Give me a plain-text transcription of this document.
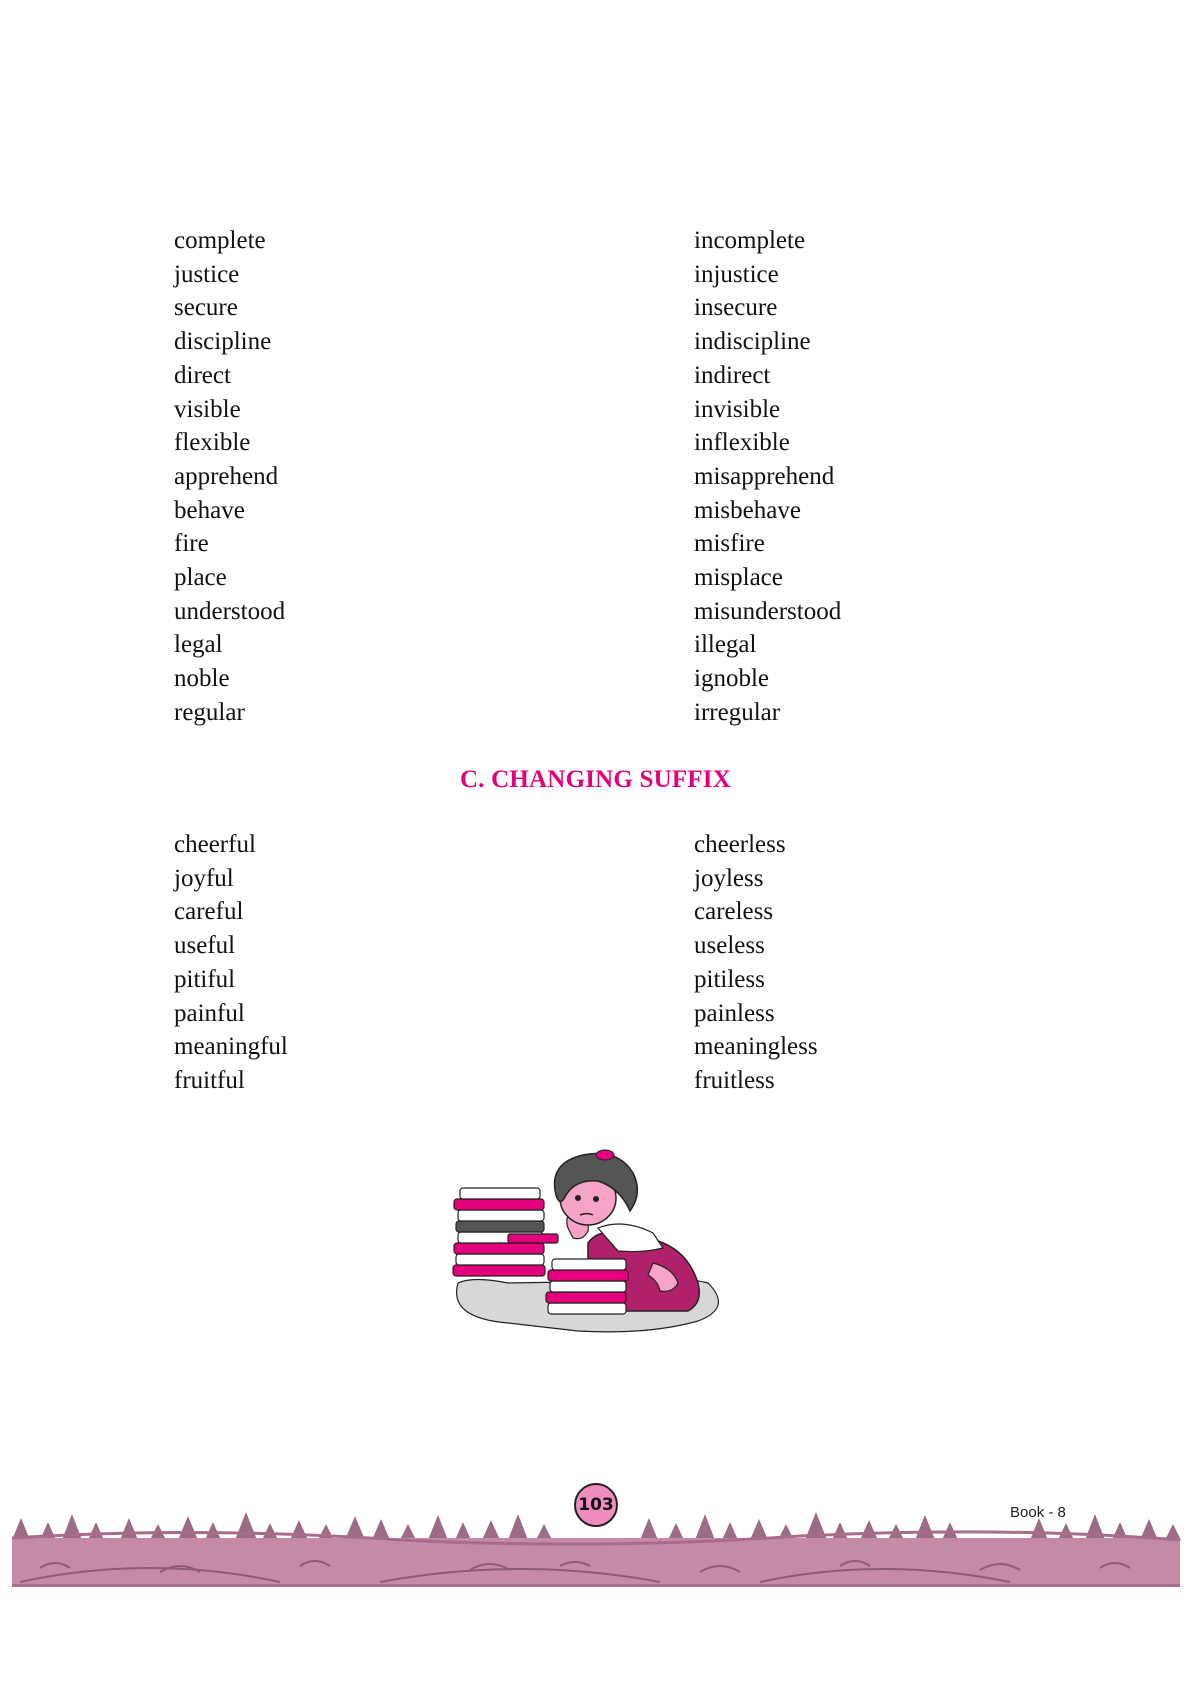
complete
justice
secure
discipline
direct
visible
flexible
apprehend
behave
fire
place
understood
legal
noble
regular
incomplete
injustice
insecure
indiscipline
indirect
invisible
inflexible
misapprehend
misbehave
misfire
misplace
misunderstood
illegal
ignoble
irregular
C. CHANGING SUFFIX
cheerful
joyful
careful
useful
pitiful
painful
meaningful
fruitful
cheerless
joyless
careless
useless
pitiless
painless
meaningless
fruitless
103	Book - 8
